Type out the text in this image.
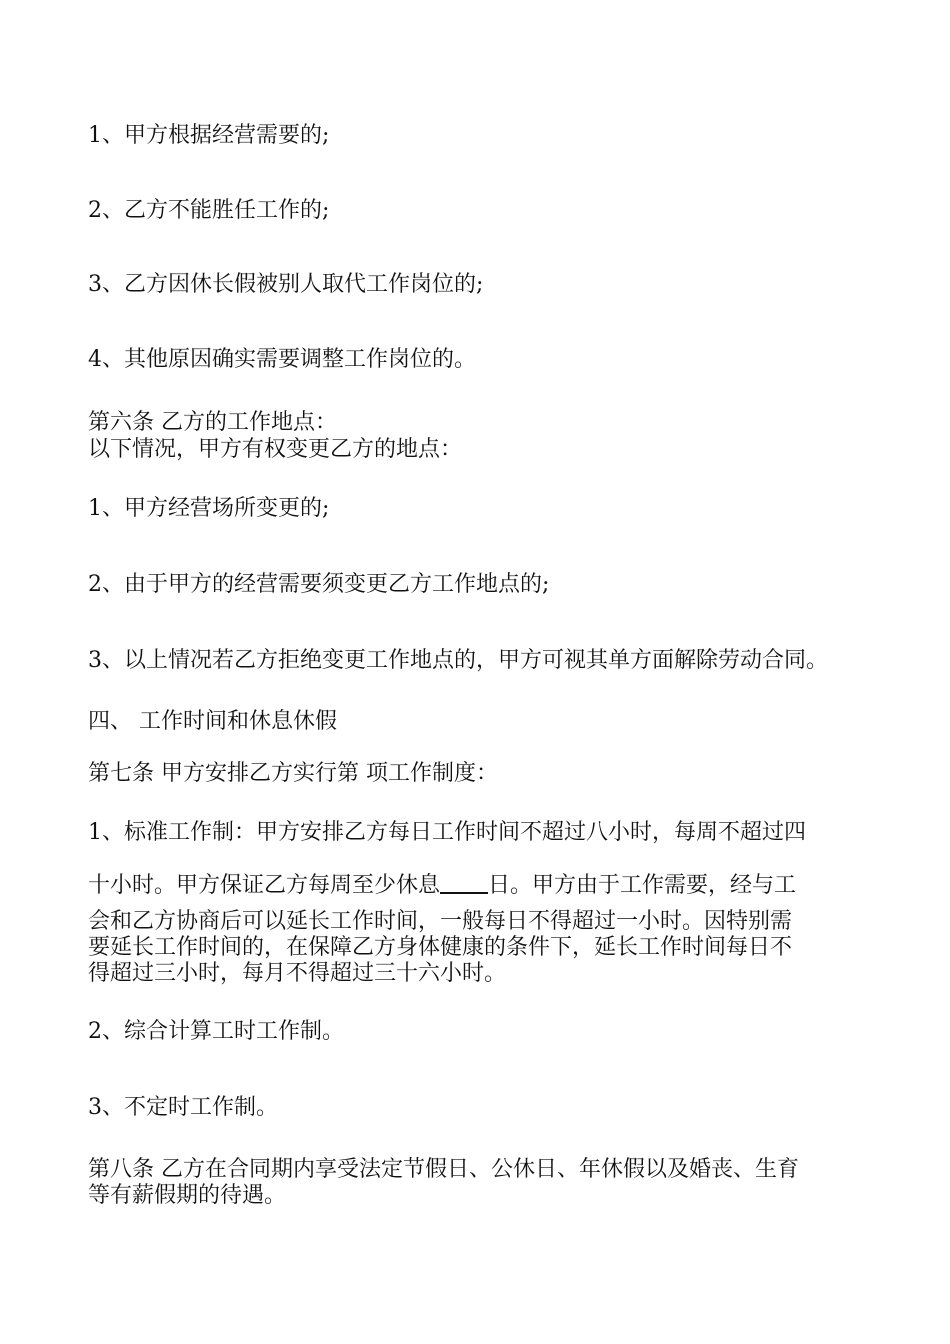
1、甲方根据经营需要的;

2、乙方不能胜任工作的;

3、乙方因休长假被别人取代工作岗位的;

4、其他原因确实需要调整工作岗位的。

第六条 乙方的工作地点：

以下情况，甲方有权变更乙方的地点：

1、甲方经营场所变更的;

2、由于甲方的经营需要须变更乙方工作地点的;

3、以上情况若乙方拒绝变更工作地点的，甲方可视其单方面解除劳动合同。

四、 工作时间和休息休假

第七条 甲方安排乙方实行第 项工作制度：

1、标准工作制：甲方安排乙方每日工作时间不超过八小时，每周不超过四

十小时。甲方保证乙方每周至少休息 日。甲方由于工作需要，经与工

会和乙方协商后可以延长工作时间，一般每日不得超过一小时。因特别需

要延长工作时间的，在保障乙方身体健康的条件下，延长工作时间每日不

得超过三小时，每月不得超过三十六小时。

2、综合计算工时工作制。

3、不定时工作制。

第八条 乙方在合同期内享受法定节假日、公休日、年休假以及婚丧、生育

等有薪假期的待遇。
